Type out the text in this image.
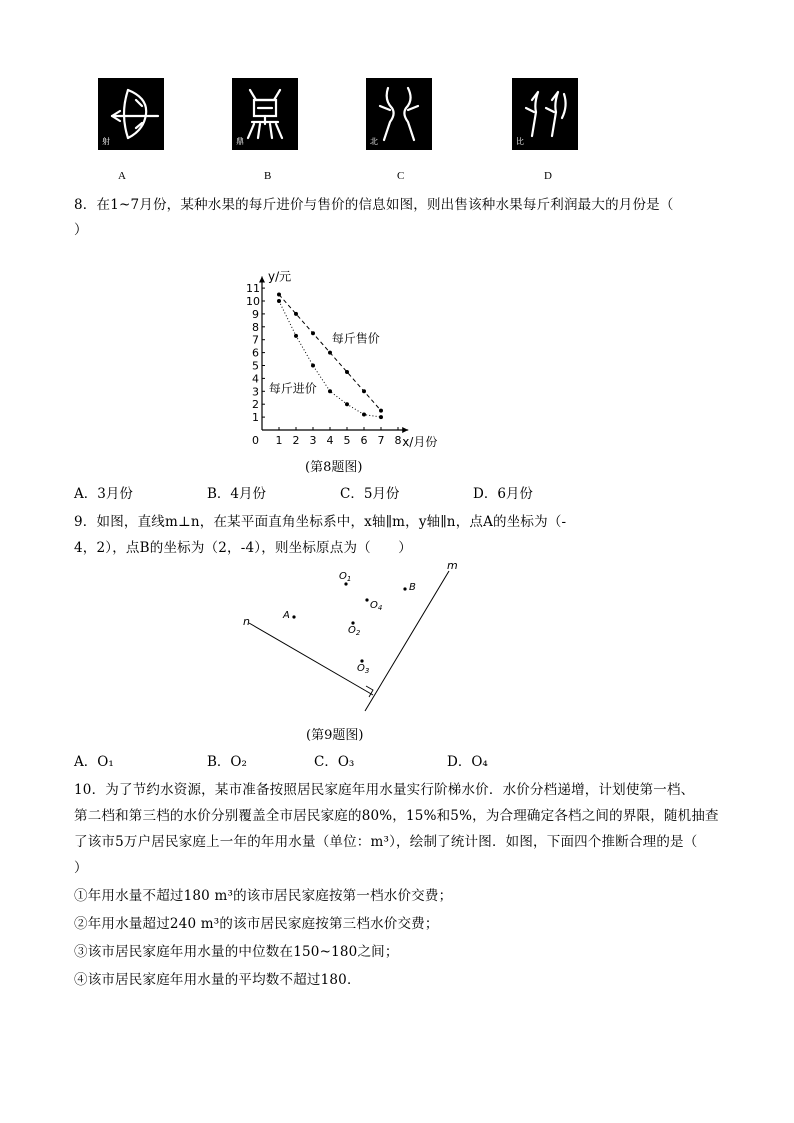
射	鼎	北	比
A	B	C	D
8．在1~7月份，某种水果的每斤进价与售价的信息如图，则出售该种水果每斤利润最大的月份是（
）
0 1 2 3 4 5 6 7 8
1
2
3
4
5
6
7
8
9
10
11
y/元
x/月份
每斤售价
每斤进价
(第8题图)
A．3月份	B．4月份	C．5月份	D．6月份
9．如图，直线m⊥n，在某平面直角坐标系中，x轴∥m，y轴∥n，点A的坐标为（-
4，2），点B的坐标为（2，-4），则坐标原点为（　　）
n
m
A
B
$O_1$
$O_4$
$O_2$
$O_3$
(第9题图)
A．O₁	B．O₂	C．O₃	D．O₄
10．为了节约水资源，某市准备按照居民家庭年用水量实行阶梯水价．水价分档递增，计划使第一档、
第二档和第三档的水价分别覆盖全市居民家庭的80%，15%和5%，为合理确定各档之间的界限，随机抽查
了该市5万户居民家庭上一年的年用水量（单位：m³），绘制了统计图．如图，下面四个推断合理的是（
）
①年用水量不超过180 m³的该市居民家庭按第一档水价交费；
②年用水量超过240 m³的该市居民家庭按第三档水价交费；
③该市居民家庭年用水量的中位数在150~180之间；
④该市居民家庭年用水量的平均数不超过180．
